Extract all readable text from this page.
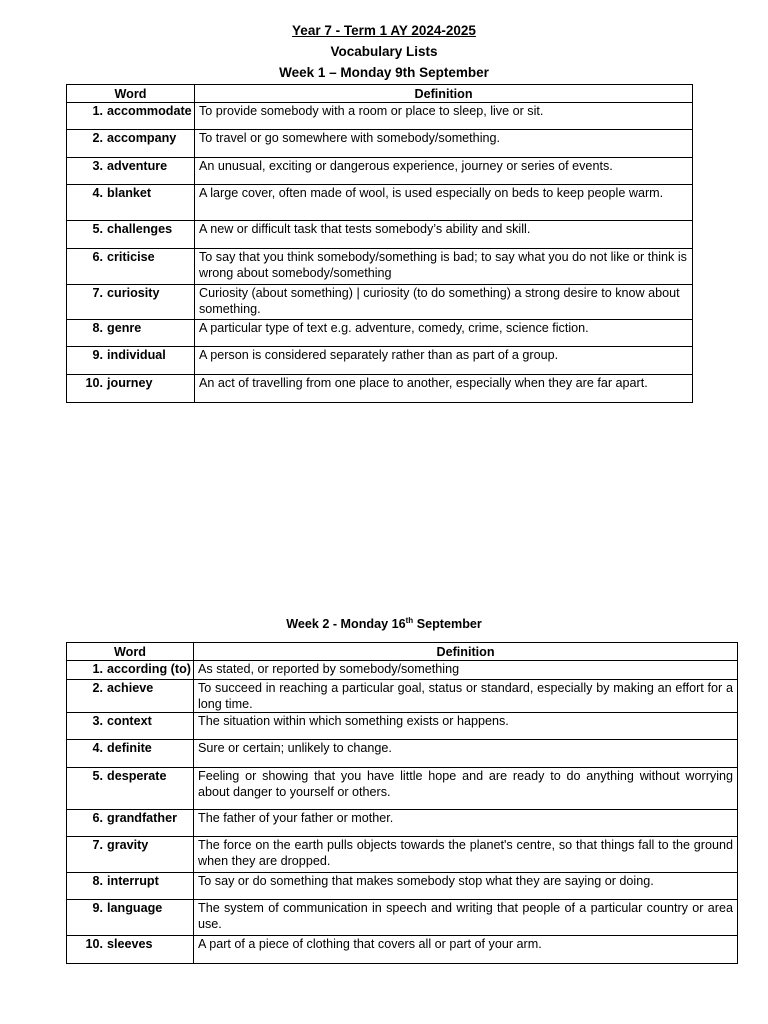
Year 7 - Term 1 AY 2024-2025
Vocabulary Lists
Week 1 – Monday 9th September
Word	Definition
1. accommodate	To provide somebody with a room or place to sleep, live or sit.
2. accompany	To travel or go somewhere with somebody/something.
3. adventure	An unusual, exciting or dangerous experience, journey or series of events.
4. blanket	A large cover, often made of wool, is used especially on beds to keep people warm.
5. challenges	A new or difficult task that tests somebody’s ability and skill.
6. criticise	To say that you think somebody/something is bad; to say what you do not like or think is wrong about somebody/something
7. curiosity	Curiosity (about something) | curiosity (to do something) a strong desire to know about something.
8. genre	A particular type of text e.g. adventure, comedy, crime, science fiction.
9. individual	A person is considered separately rather than as part of a group.
10. journey	An act of travelling from one place to another, especially when they are far apart.
Week 2 - Monday 16th September
Word	Definition
1. according (to)	As stated, or reported by somebody/something
2. achieve	To succeed in reaching a particular goal, status or standard, especially by making an effort for a long time.
3. context	The situation within which something exists or happens.
4. definite	Sure or certain; unlikely to change.
5. desperate	Feeling or showing that you have little hope and are ready to do anything without worrying about danger to yourself or others.
6. grandfather	The father of your father or mother.
7. gravity	The force on the earth pulls objects towards the planet's centre, so that things fall to the ground when they are dropped.
8. interrupt	To say or do something that makes somebody stop what they are saying or doing.
9. language	The system of communication in speech and writing that people of a particular country or area use.
10. sleeves	A part of a piece of clothing that covers all or part of your arm.
